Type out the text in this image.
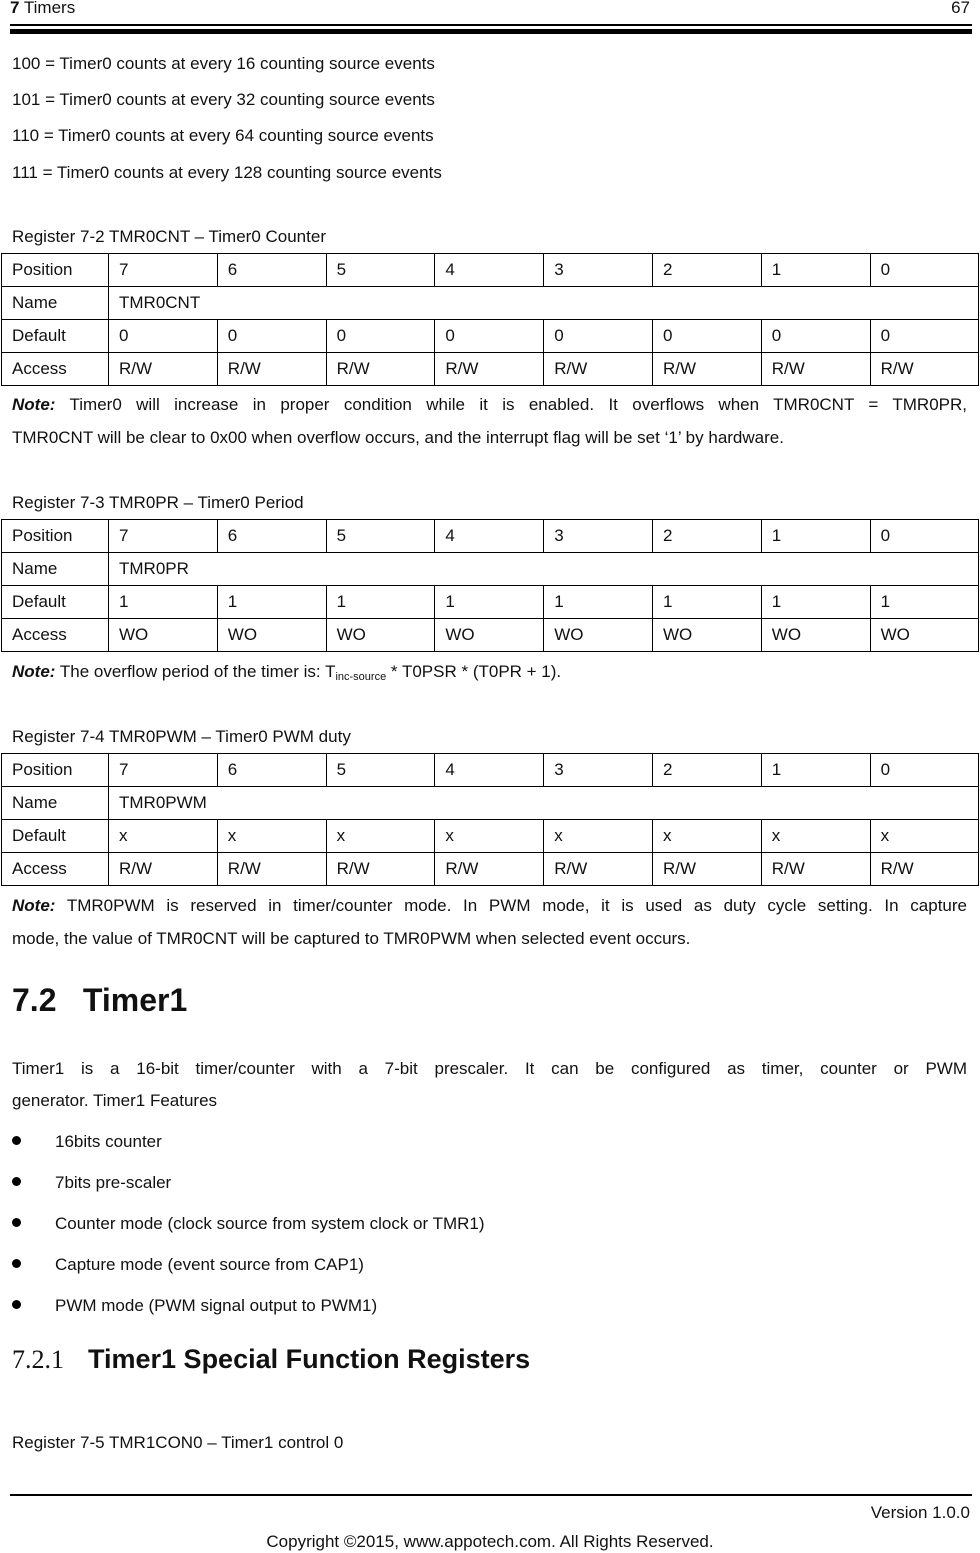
7 Timers	67
100 = Timer0 counts at every 16 counting source events
101 = Timer0 counts at every 32 counting source events
110 = Timer0 counts at every 64 counting source events
111 = Timer0 counts at every 128 counting source events
Register 7-2 TMR0CNT – Timer0 Counter
Position	7	6	5	4	3	2	1	0
Name	TMR0CNT							
Default	0	0	0	0	0	0	0	0
Access	R/W	R/W	R/W	R/W	R/W	R/W	R/W	R/W
Note: Timer0 will increase in proper condition while it is enabled. It overflows when TMR0CNT = TMR0PR,
TMR0CNT will be clear to 0x00 when overflow occurs, and the interrupt flag will be set ‘1’ by hardware.
Register 7-3 TMR0PR – Timer0 Period
Position	7	6	5	4	3	2	1	0
Name	TMR0PR							
Default	1	1	1	1	1	1	1	1
Access	WO	WO	WO	WO	WO	WO	WO	WO
Note: The overflow period of the timer is: $T_{inc-source} * T0PSR * (T0PR + 1)$.
Register 7-4 TMR0PWM – Timer0 PWM duty
Position	7	6	5	4	3	2	1	0
Name	TMR0PWM							
Default	x	x	x	x	x	x	x	x
Access	R/W	R/W	R/W	R/W	R/W	R/W	R/W	R/W
Note: TMR0PWM is reserved in timer/counter mode. In PWM mode, it is used as duty cycle setting. In capture
mode, the value of TMR0CNT will be captured to TMR0PWM when selected event occurs.
7.2 Timer1
Timer1 is a 16-bit timer/counter with a 7-bit prescaler. It can be configured as timer, counter or PWM
generator. Timer1 Features
16bits counter
7bits pre-scaler
Counter mode (clock source from system clock or TMR1)
Capture mode (event source from CAP1)
PWM mode (PWM signal output to PWM1)
7.2.1 Timer1 Special Function Registers
Register 7-5 TMR1CON0 – Timer1 control 0
Version 1.0.0
Copyright ©2015, www.appotech.com. All Rights Reserved.
